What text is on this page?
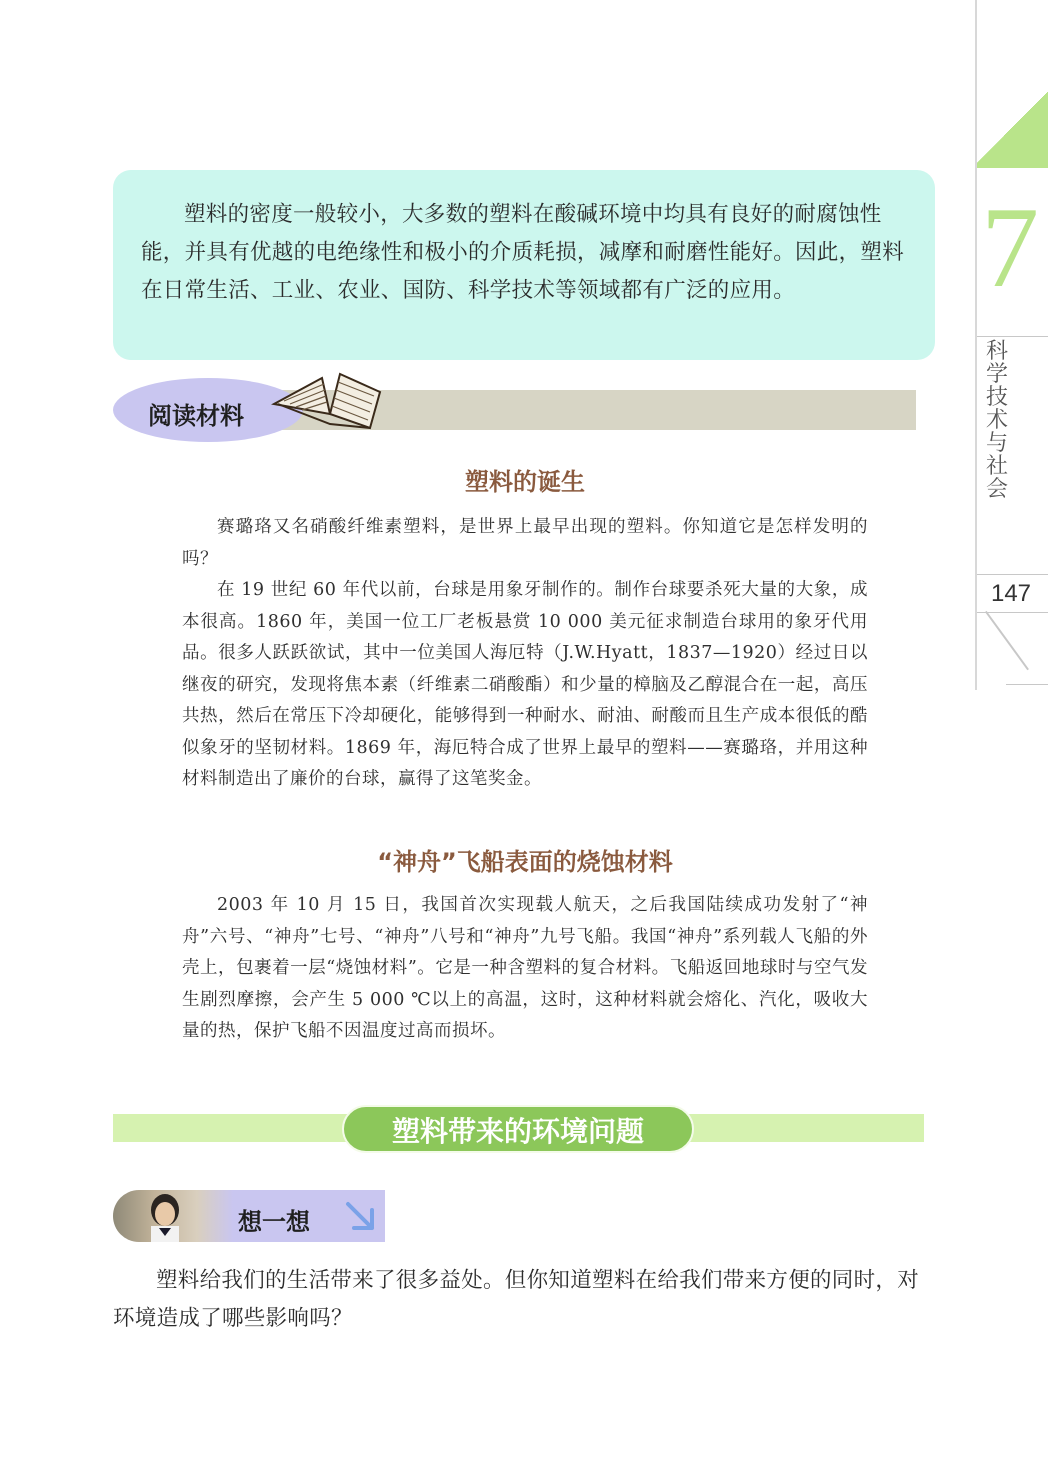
7
科
学
技
术
与
社
会
147

塑料的密度一般较小，大多数的塑料在酸碱环境中均具有良好的耐腐蚀性能，并具有优越的电绝缘性和极小的介质耗损，减摩和耐磨性能好。因此，塑料在日常生活、工业、农业、国防、科学技术等领域都有广泛的应用。

阅读材料
塑料的诞生

赛璐珞又名硝酸纤维素塑料，是世界上最早出现的塑料。你知道它是怎样发明的吗？

在 19 世纪 60 年代以前，台球是用象牙制作的。制作台球要杀死大量的大象，成本很高。1860 年，美国一位工厂老板悬赏 10 000 美元征求制造台球用的象牙代用品。很多人跃跃欲试，其中一位美国人海厄特（J.W.Hyatt，1837—1920）经过日以继夜的研究，发现将焦本素（纤维素二硝酸酯）和少量的樟脑及乙醇混合在一起，高压共热，然后在常压下冷却硬化，能够得到一种耐水、耐油、耐酸而且生产成本很低的酷似象牙的坚韧材料。1869 年，海厄特合成了世界上最早的塑料——赛璐珞，并用这种材料制造出了廉价的台球，赢得了这笔奖金。

“神舟”飞船表面的烧蚀材料

2003 年 10 月 15 日，我国首次实现载人航天，之后我国陆续成功发射了“神舟”六号、“神舟”七号、“神舟”八号和“神舟”九号飞船。我国“神舟”系列载人飞船的外壳上，包裹着一层“烧蚀材料”。它是一种含塑料的复合材料。飞船返回地球时与空气发生剧烈摩擦，会产生 5 000 ℃以上的高温，这时，这种材料就会熔化、汽化，吸收大量的热，保护飞船不因温度过高而损坏。

塑料带来的环境问题
想一想

塑料给我们的生活带来了很多益处。但你知道塑料在给我们带来方便的同时，对环境造成了哪些影响吗？
